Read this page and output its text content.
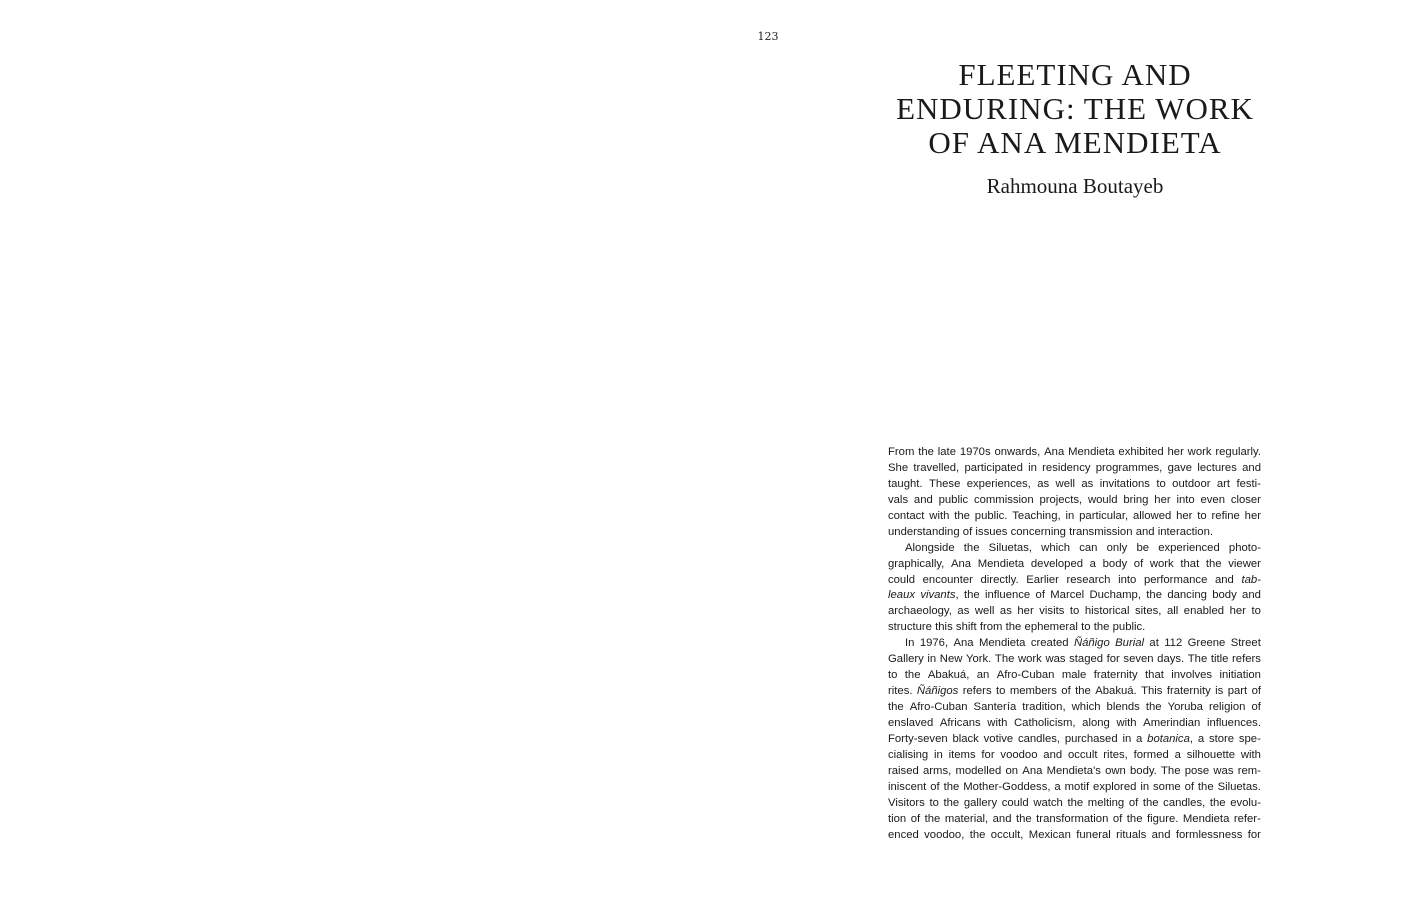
123
FLEETING AND
ENDURING: THE WORK
OF ANA MENDIETA
Rahmouna Boutayeb
From the late 1970s onwards, Ana Mendieta exhibited her work regularly.
She travelled, participated in residency programmes, gave lectures and
taught. These experiences, as well as invitations to outdoor art festi-
vals and public commission projects, would bring her into even closer
contact with the public. Teaching, in particular, allowed her to refine her
understanding of issues concerning transmission and interaction.
Alongside the Siluetas, which can only be experienced photo-
graphically, Ana Mendieta developed a body of work that the viewer
could encounter directly. Earlier research into performance and tab-
leaux vivants, the influence of Marcel Duchamp, the dancing body and
archaeology, as well as her visits to historical sites, all enabled her to
structure this shift from the ephemeral to the public.
In 1976, Ana Mendieta created Ñáñigo Burial at 112 Greene Street
Gallery in New York. The work was staged for seven days. The title refers
to the Abakuá, an Afro-Cuban male fraternity that involves initiation
rites. Ñáñigos refers to members of the Abakuá. This fraternity is part of
the Afro-Cuban Santería tradition, which blends the Yoruba religion of
enslaved Africans with Catholicism, along with Amerindian influences.
Forty-seven black votive candles, purchased in a botanica, a store spe-
cialising in items for voodoo and occult rites, formed a silhouette with
raised arms, modelled on Ana Mendieta's own body. The pose was rem-
iniscent of the Mother-Goddess, a motif explored in some of the Siluetas.
Visitors to the gallery could watch the melting of the candles, the evolu-
tion of the material, and the transformation of the figure. Mendieta refer-
enced voodoo, the occult, Mexican funeral rituals and formlessness for
